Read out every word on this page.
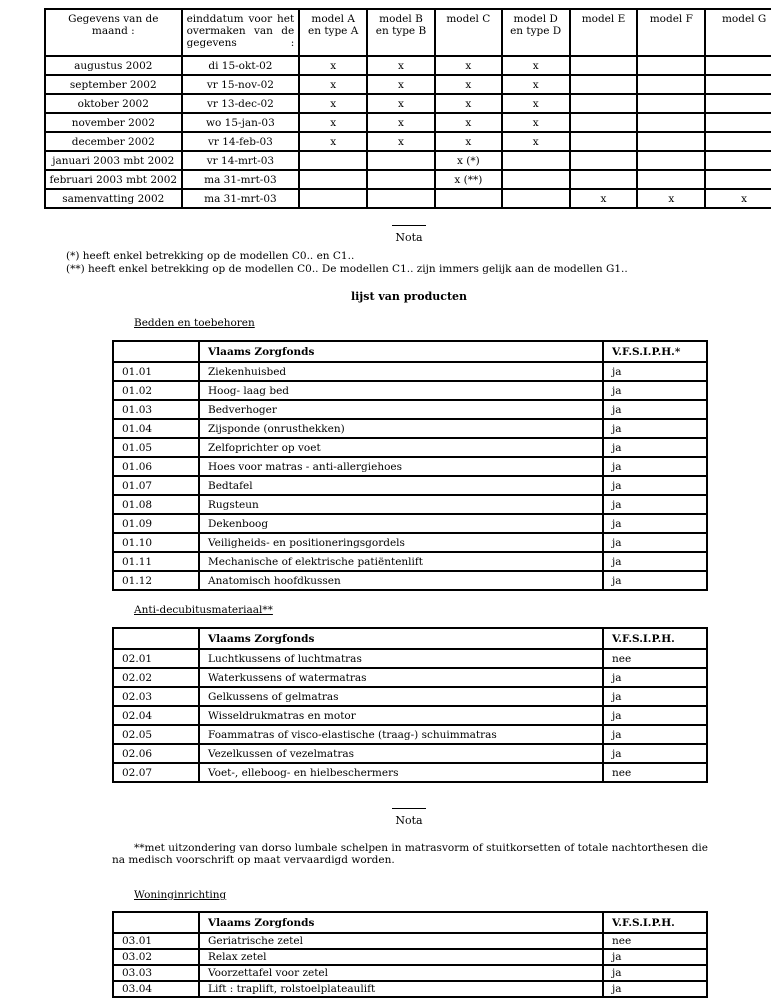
Gegevens van de maand :	einddatum voor het overmaken van de gegevens :	model A en type A	model B en type B	model C	model D en type D	model E	model F	model G
augustus 2002	di 15-okt-02	x	x	x	x			
september 2002	vr 15-nov-02	x	x	x	x			
oktober 2002	vr 13-dec-02	x	x	x	x			
november 2002	wo 15-jan-03	x	x	x	x			
december 2002	vr 14-feb-03	x	x	x	x			
januari 2003 mbt 2002	vr 14-mrt-03			x (*)				
februari 2003 mbt 2002	ma 31-mrt-03			x (**)				
samenvatting 2002	ma 31-mrt-03					x	x	x
Nota
(*) heeft enkel betrekking op de modellen C0.. en C1..
(**) heeft enkel betrekking op de modellen C0.. De modellen C1.. zijn immers gelijk aan de modellen G1..
lijst van producten
Bedden en toebehoren
	Vlaams Zorgfonds	V.F.S.I.P.H.*
01.01	Ziekenhuisbed	ja
01.02	Hoog- laag bed	ja
01.03	Bedverhoger	ja
01.04	Zijsponde (onrusthekken)	ja
01.05	Zelfoprichter op voet	ja
01.06	Hoes voor matras - anti-allergiehoes	ja
01.07	Bedtafel	ja
01.08	Rugsteun	ja
01.09	Dekenboog	ja
01.10	Veiligheids- en positioneringsgordels	ja
01.11	Mechanische of elektrische patiëntenlift	ja
01.12	Anatomisch hoofdkussen	ja
Anti-decubitusmateriaal**
	Vlaams Zorgfonds	V.F.S.I.P.H.
02.01	Luchtkussens of luchtmatras	nee
02.02	Waterkussens of watermatras	ja
02.03	Gelkussens of gelmatras	ja
02.04	Wisseldrukmatras en motor	ja
02.05	Foammatras of visco-elastische (traag-) schuimmatras	ja
02.06	Vezelkussen of vezelmatras	ja
02.07	Voet-, elleboog- en hielbeschermers	nee
Nota
**met uitzondering van dorso lumbale schelpen in matrasvorm of stuitkorsetten of totale nachtorthesen die na medisch voorschrift op maat vervaardigd worden.
Woninginrichting
	Vlaams Zorgfonds	V.F.S.I.P.H.
03.01	Geriatrische zetel	nee
03.02	Relax zetel	ja
03.03	Voorzettafel voor zetel	ja
03.04	Lift : traplift, rolstoelplateaulift	ja
